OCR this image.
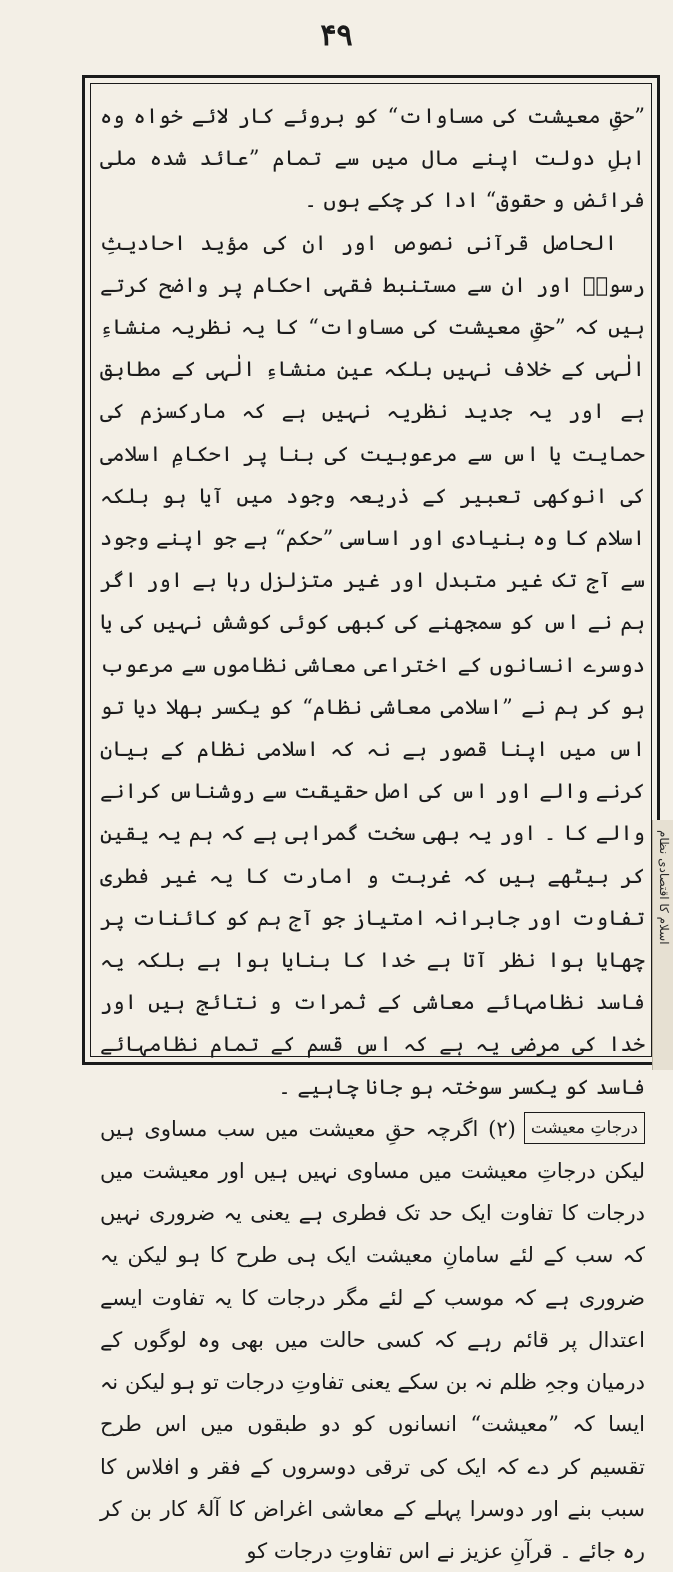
۴۹

”حقِ معیشت کی مساوات“ کو بروئے کار لائے خواہ وہ اہلِ دولت اپنے مال میں سے تمام ”عائد شدہ ملی فرائض و حقوق“ ادا کر چکے ہوں ۔

الحاصل قرآنی نصوص اور ان کی مؤید احادیثِ رسولؐ اور ان سے مستنبط فقہی احکام پر واضح کرتے ہیں کہ ”حقِ معیشت کی مساوات“ کا یہ نظریہ منشاءِ الٰہی کے خلاف نہیں بلکہ عین منشاءِ الٰہی کے مطابق ہے اور یہ جدید نظریہ نہیں ہے کہ مارکسزم کی حمایت یا اس سے مرعوبیت کی بنا پر احکامِ اسلامی کی انوکھی تعبیر کے ذریعہ وجود میں آیا ہو بلکہ اسلام کا وہ بنیادی اور اساسی ”حکم“ ہے جو اپنے وجود سے آج تک غیر متبدل اور غیر متزلزل رہا ہے اور اگر ہم نے اس کو سمجھنے کی کبھی کوئی کوشش نہیں کی یا دوسرے انسانوں کے اختراعی معاشی نظاموں سے مرعوب ہو کر ہم نے ”اسلامی معاشی نظام“ کو یکسر بھلا دیا تو اس میں اپنا قصور ہے نہ کہ اسلامی نظام کے بیان کرنے والے اور اس کی اصل حقیقت سے روشناس کرانے والے کا ۔ اور یہ بھی سخت گمراہی ہے کہ ہم یہ یقین کر بیٹھے ہیں کہ غربت و امارت کا یہ غیر فطری تفاوت اور جابرانہ امتیاز جو آج ہم کو کائنات پر چھایا ہوا نظر آتا ہے خدا کا بنایا ہوا ہے بلکہ یہ فاسد نظامہائے معاشی کے ثمرات و نتائج ہیں اور خدا کی مرضی یہ ہے کہ اس قسم کے تمام نظامہائے فاسد کو یکسر سوختہ ہو جانا چاہیے ۔

درجاتِ معیشت
(۲) اگرچہ حقِ معیشت میں سب مساوی ہیں لیکن درجاتِ معیشت میں مساوی نہیں ہیں اور معیشت میں درجات کا تفاوت ایک حد تک فطری ہے یعنی یہ ضروری نہیں کہ سب کے لئے سامانِ معیشت ایک ہی طرح کا ہو لیکن یہ ضروری ہے کہ موسب کے لئے مگر درجات کا یہ تفاوت ایسے اعتدال پر قائم رہے کہ کسی حالت میں بھی وہ لوگوں کے درمیان وجہِ ظلم نہ بن سکے یعنی تفاوتِ درجات تو ہو لیکن نہ ایسا کہ ”معیشت“ انسانوں کو دو طبقوں میں اس طرح تقسیم کر دے کہ ایک کی ترقی دوسروں کے فقر و افلاس کا سبب بنے اور دوسرا پہلے کے معاشی اغراض کا آلۂ کار بن کر رہ جائے ۔ قرآنِ عزیز نے اس تفاوتِ درجات کو

اسلام کا اقتصادی نظام
